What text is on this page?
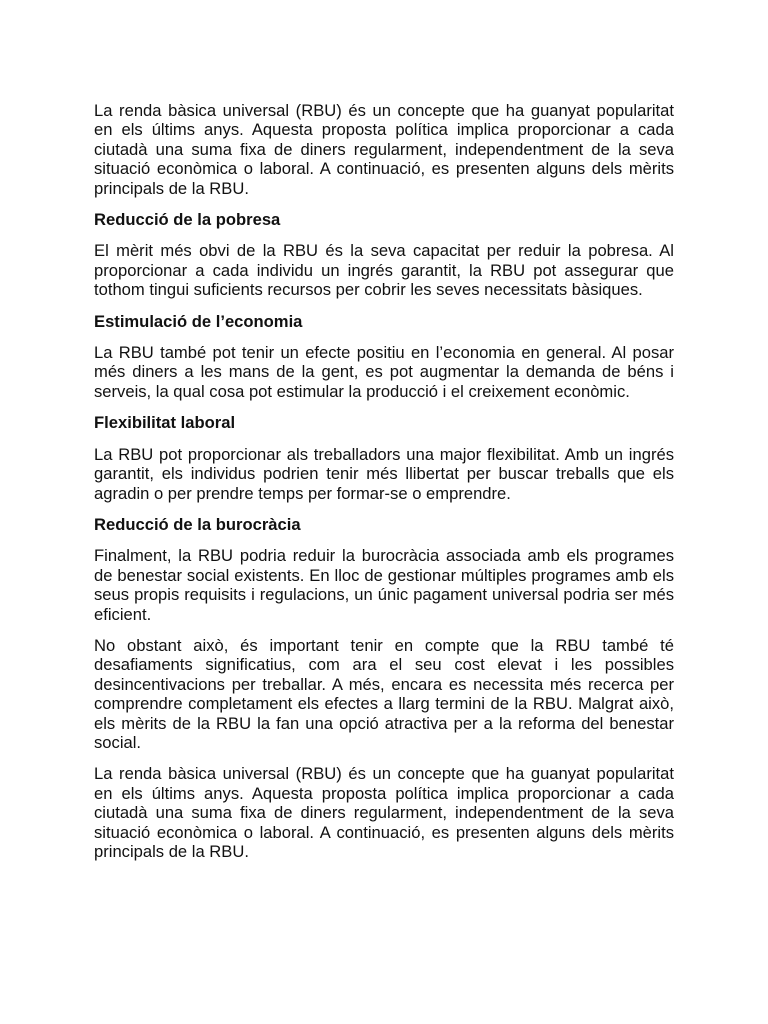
La renda bàsica universal (RBU) és un concepte que ha guanyat popularitat en els últims anys. Aquesta proposta política implica proporcionar a cada ciutadà una suma fixa de diners regularment, independentment de la seva situació econòmica o laboral. A continuació, es presenten alguns dels mèrits principals de la RBU.

Reducció de la pobresa

El mèrit més obvi de la RBU és la seva capacitat per reduir la pobresa. Al proporcionar a cada individu un ingrés garantit, la RBU pot assegurar que tothom tingui suficients recursos per cobrir les seves necessitats bàsiques.

Estimulació de l’economia

La RBU també pot tenir un efecte positiu en l’economia en general. Al posar més diners a les mans de la gent, es pot augmentar la demanda de béns i serveis, la qual cosa pot estimular la producció i el creixement econòmic.

Flexibilitat laboral

La RBU pot proporcionar als treballadors una major flexibilitat. Amb un ingrés garantit, els individus podrien tenir més llibertat per buscar treballs que els agradin o per prendre temps per formar-se o emprendre.

Reducció de la burocràcia

Finalment, la RBU podria reduir la burocràcia associada amb els programes de benestar social existents. En lloc de gestionar múltiples programes amb els seus propis requisits i regulacions, un únic pagament universal podria ser més eficient.

No obstant això, és important tenir en compte que la RBU també té desafiaments significatius, com ara el seu cost elevat i les possibles desincentivacions per treballar. A més, encara es necessita més recerca per comprendre completament els efectes a llarg termini de la RBU. Malgrat això, els mèrits de la RBU la fan una opció atractiva per a la reforma del benestar social.

La renda bàsica universal (RBU) és un concepte que ha guanyat popularitat en els últims anys. Aquesta proposta política implica proporcionar a cada ciutadà una suma fixa de diners regularment, independentment de la seva situació econòmica o laboral. A continuació, es presenten alguns dels mèrits principals de la RBU.
